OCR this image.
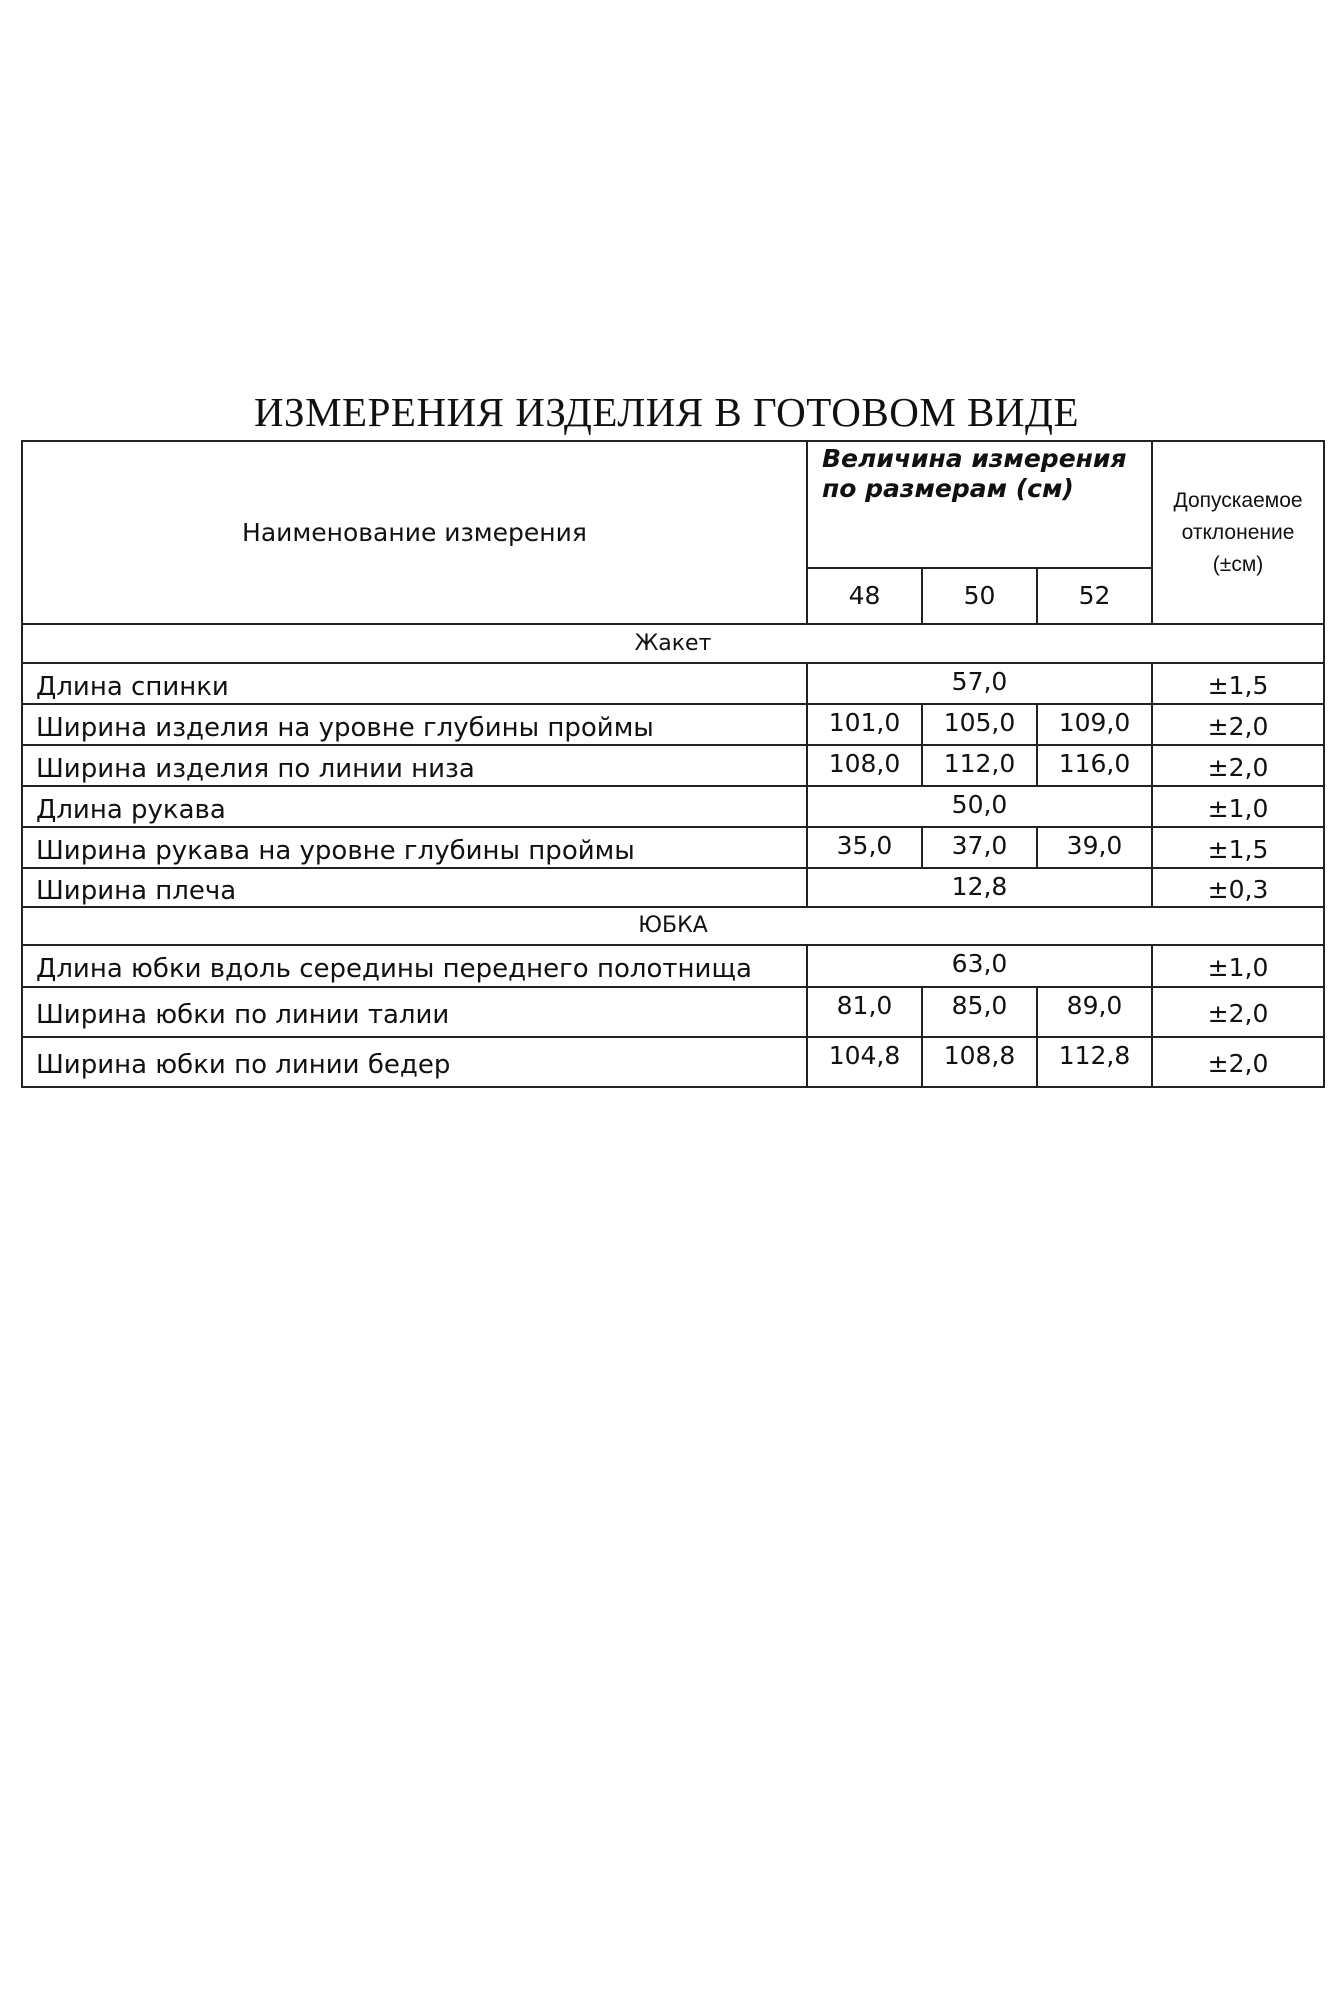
ИЗМЕРЕНИЯ ИЗДЕЛИЯ В ГОТОВОМ ВИДЕ
Наименование измерения	Величина измерения по размерам (см)			Допускаемое
отклонение
(±см)

	48	50	52	
Жакет				
Длина спинки	57,0			±1,5
Ширина изделия на уровне глубины проймы	101,0	105,0	109,0	±2,0
Ширина изделия по линии низа	108,0	112,0	116,0	±2,0
Длина рукава	50,0			±1,0
Ширина рукава на уровне глубины проймы	35,0	37,0	39,0	±1,5
Ширина плеча	12,8			±0,3
ЮБКА				
Длина юбки вдоль середины переднего полотнища	63,0			±1,0
Ширина юбки по линии талии	81,0	85,0	89,0	±2,0
Ширина юбки по линии бедер	104,8	108,8	112,8	±2,0
